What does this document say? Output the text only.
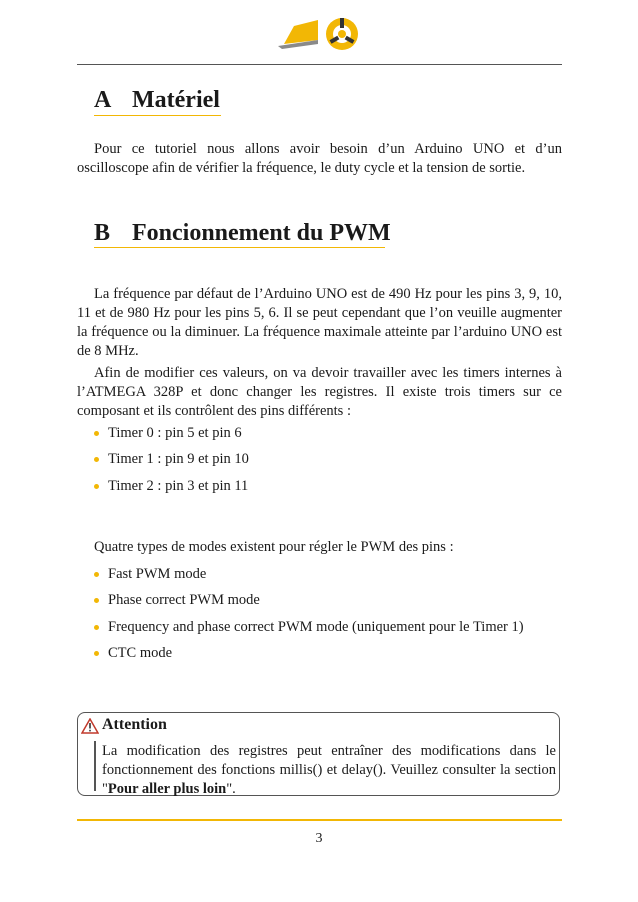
A Matériel
Pour ce tutoriel nous allons avoir besoin d’un Arduino UNO et d’un oscilloscope afin de vérifier la fréquence, le duty cycle et la tension de sortie.
B Foncionnement du PWM
La fréquence par défaut de l’Arduino UNO est de 490 Hz pour les pins 3, 9, 10, 11 et de 980 Hz pour les pins 5, 6. Il se peut cependant que l’on veuille augmenter la fréquence ou la diminuer. La fréquence maximale atteinte par l’arduino UNO est de 8 MHz.
Afin de modifier ces valeurs, on va devoir travailler avec les timers internes à l’ATMEGA 328P et donc changer les registres. Il existe trois timers sur ce composant et ils contrôlent des pins différents :
Timer 0 : pin 5 et pin 6
Timer 1 : pin 9 et pin 10
Timer 2 : pin 3 et pin 11
Quatre types de modes existent pour régler le PWM des pins :
Fast PWM mode
Phase correct PWM mode
Frequency and phase correct PWM mode (uniquement pour le Timer 1)
CTC mode
Attention
La modification des registres peut entraîner des modifications dans le fonctionnement des fonctions millis() et delay(). Veuillez consulter la section "Pour aller plus loin".
3
